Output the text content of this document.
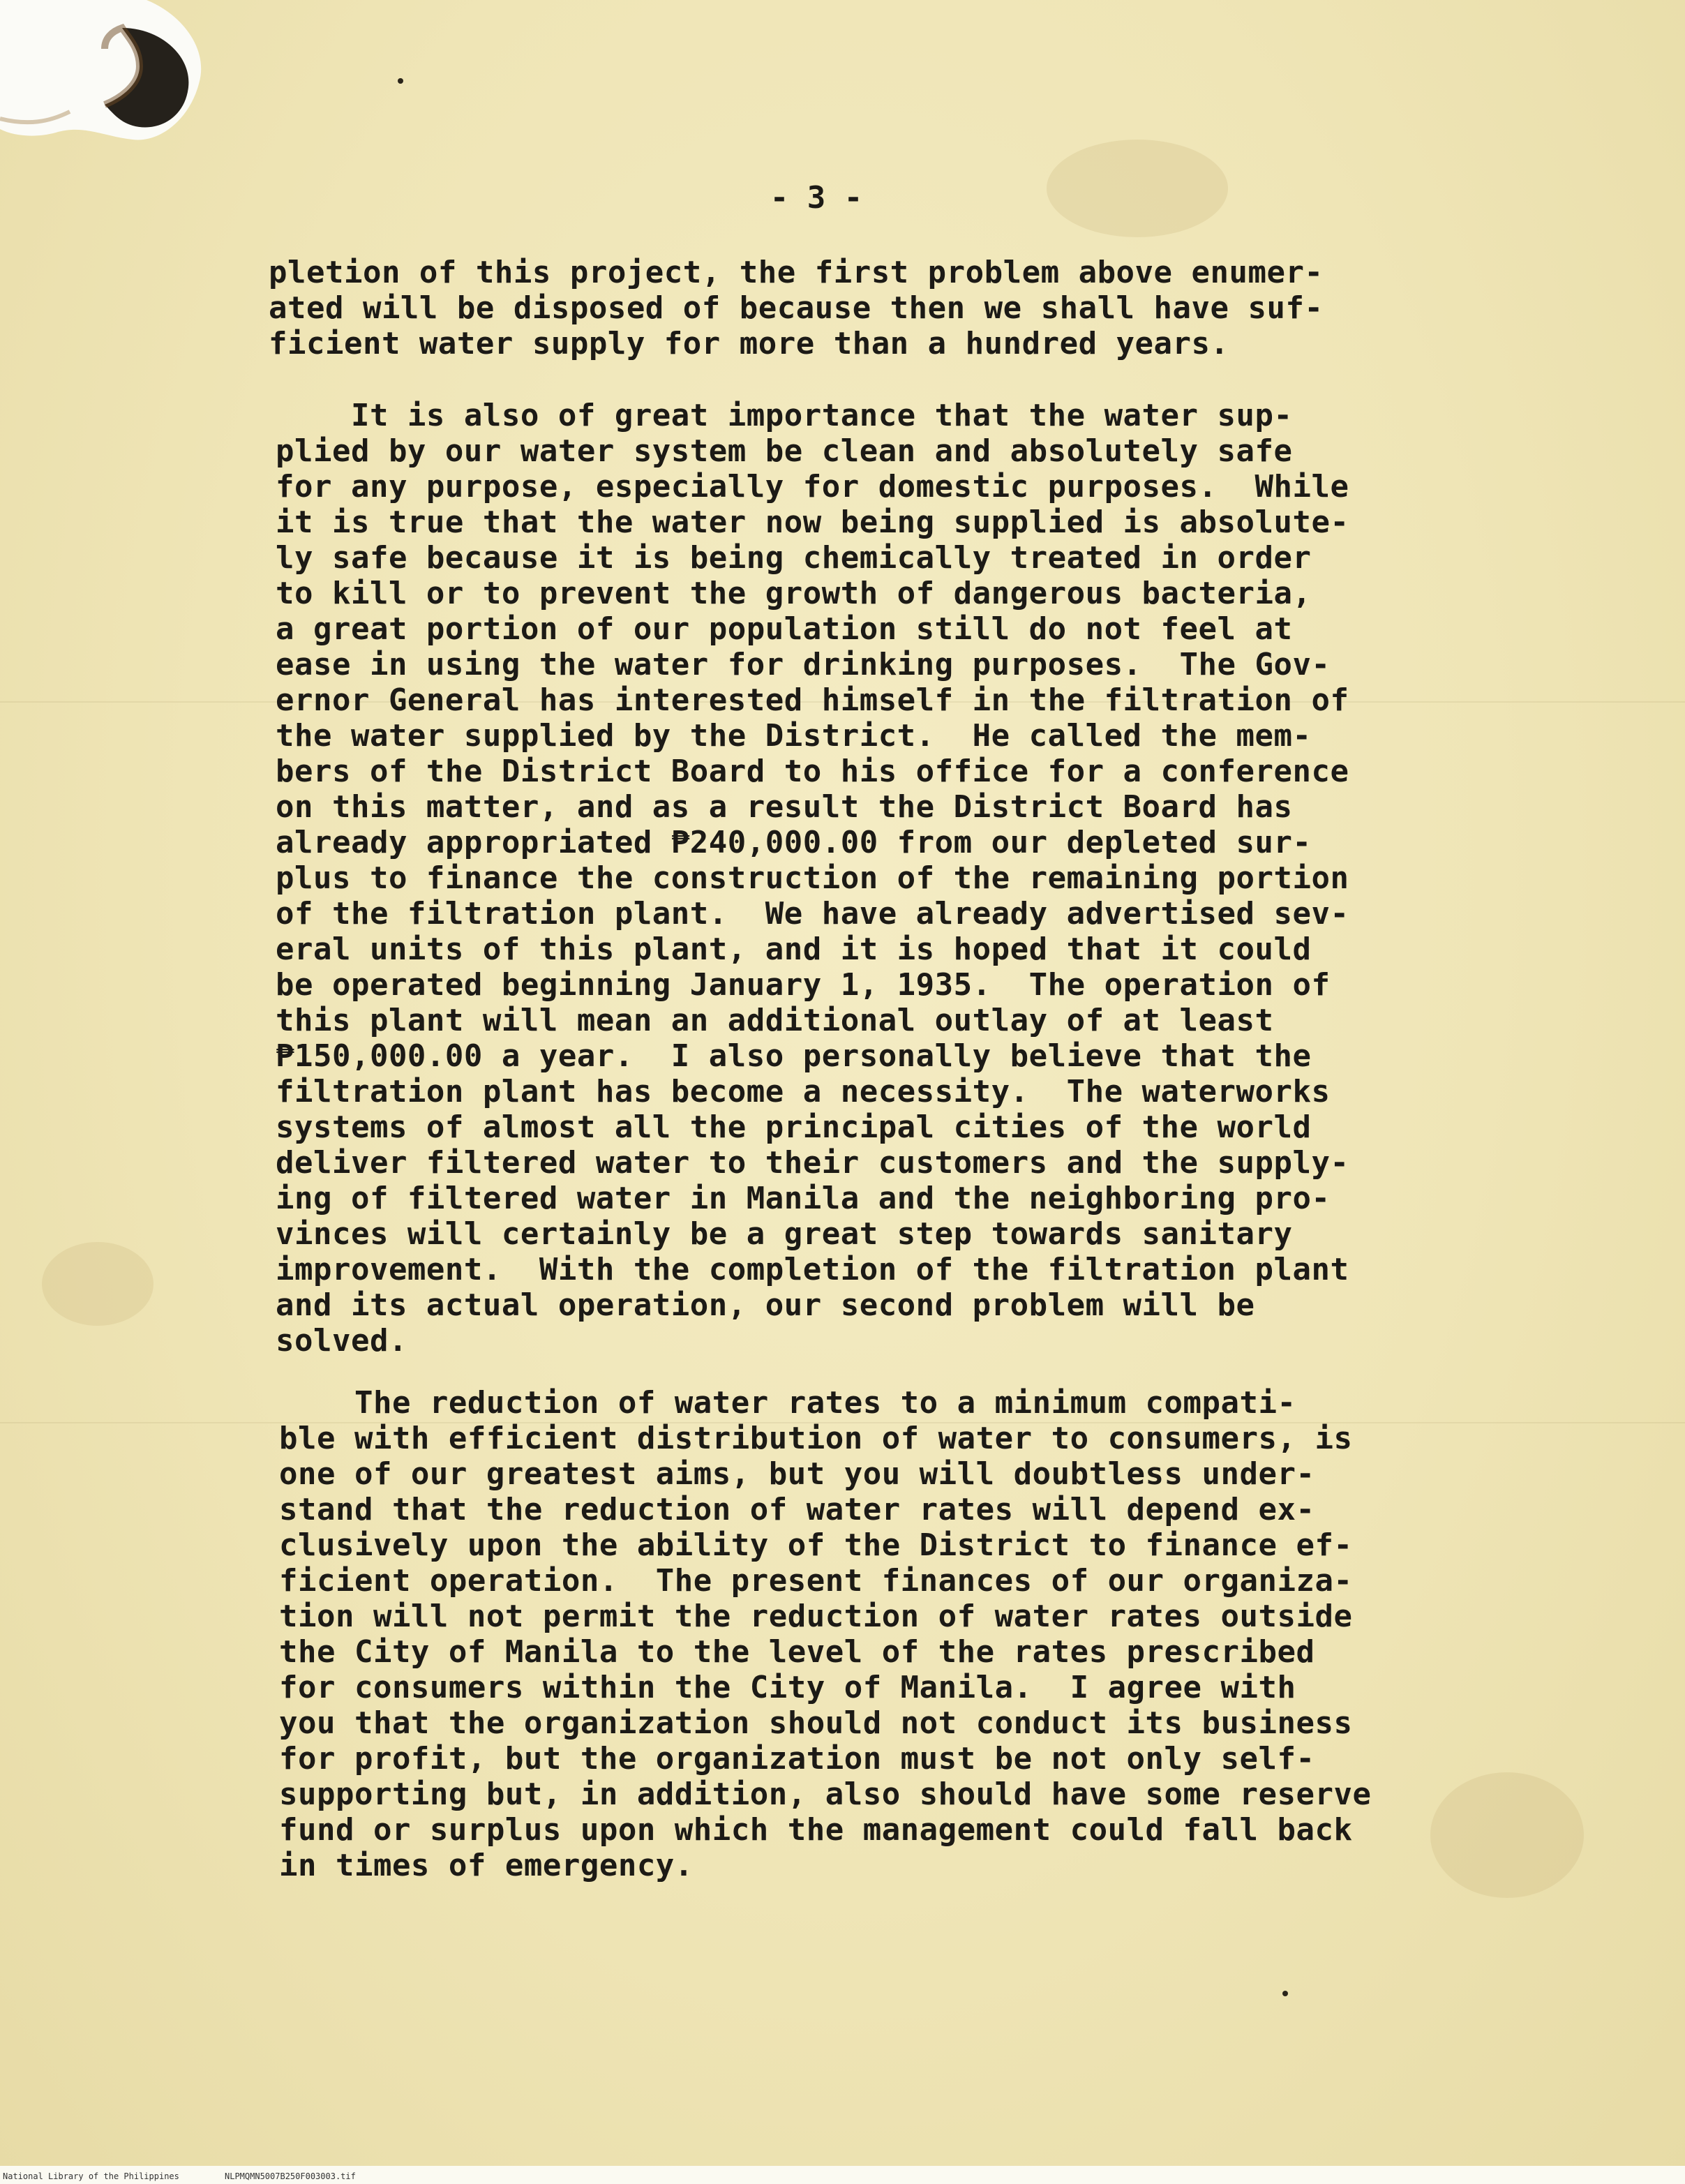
- 3 -
pletion of this project, the first problem above enumer-
ated will be disposed of because then we shall have suf-
ficient water supply for more than a hundred years.
It is also of great importance that the water sup-
plied by our water system be clean and absolutely safe
for any purpose, especially for domestic purposes.  While
it is true that the water now being supplied is absolute-
ly safe because it is being chemically treated in order
to kill or to prevent the growth of dangerous bacteria,
a great portion of our population still do not feel at
ease in using the water for drinking purposes.  The Gov-
ernor General has interested himself in the filtration of
the water supplied by the District.  He called the mem-
bers of the District Board to his office for a conference
on this matter, and as a result the District Board has
already appropriated ₱240,000.00 from our depleted sur-
plus to finance the construction of the remaining portion
of the filtration plant.  We have already advertised sev-
eral units of this plant, and it is hoped that it could
be operated beginning January 1, 1935.  The operation of
this plant will mean an additional outlay of at least
₱150,000.00 a year.  I also personally believe that the
filtration plant has become a necessity.  The waterworks
systems of almost all the principal cities of the world
deliver filtered water to their customers and the supply-
ing of filtered water in Manila and the neighboring pro-
vinces will certainly be a great step towards sanitary
improvement.  With the completion of the filtration plant
and its actual operation, our second problem will be
solved.
The reduction of water rates to a minimum compati-
ble with efficient distribution of water to consumers, is
one of our greatest aims, but you will doubtless under-
stand that the reduction of water rates will depend ex-
clusively upon the ability of the District to finance ef-
ficient operation.  The present finances of our organiza-
tion will not permit the reduction of water rates outside
the City of Manila to the level of the rates prescribed
for consumers within the City of Manila.  I agree with
you that the organization should not conduct its business
for profit, but the organization must be not only self-
supporting but, in addition, also should have some reserve
fund or surplus upon which the management could fall back
in times of emergency.
National Library of the Philippines	NLPMQMN5007B250F003003.tif
